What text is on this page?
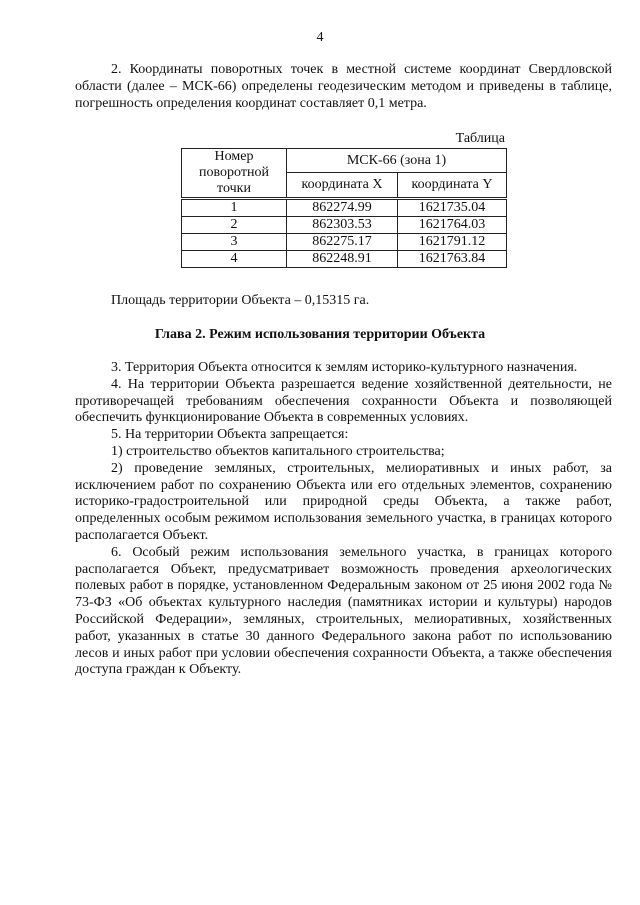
4

2. Координаты поворотных точек в местной системе координат Свердловской области (далее – МСК-66) определены геодезическим методом и приведены в таблице, погрешность определения координат составляет 0,1 метра.

Таблица
Номер поворотной точки	МСК-66 (зона 1)	
	координата X	координата Y
1	862274.99	1621735.04
2	862303.53	1621764.03
3	862275.17	1621791.12
4	862248.91	1621763.84

Площадь территории Объекта – 0,15315 га.

Глава 2. Режим использования территории Объекта

3. Территория Объекта относится к землям историко-культурного назначения.

4. На территории Объекта разрешается ведение хозяйственной деятельности, не противоречащей требованиям обеспечения сохранности Объекта и позволяющей обеспечить функционирование Объекта в современных условиях.

5. На территории Объекта запрещается:

1) строительство объектов капитального строительства;

2) проведение земляных, строительных, мелиоративных и иных работ, за исключением работ по сохранению Объекта или его отдельных элементов, сохранению историко-градостроительной или природной среды Объекта, а также работ, определенных особым режимом использования земельного участка, в границах которого располагается Объект.

6. Особый режим использования земельного участка, в границах которого располагается Объект, предусматривает возможность проведения археологических полевых работ в порядке, установленном Федеральным законом от 25 июня 2002 года № 73-ФЗ «Об объектах культурного наследия (памятниках истории и культуры) народов Российской Федерации», земляных, строительных, мелиоративных, хозяйственных работ, указанных в статье 30 данного Федерального закона работ по использованию лесов и иных работ при условии обеспечения сохранности Объекта, а также обеспечения доступа граждан к Объекту.
